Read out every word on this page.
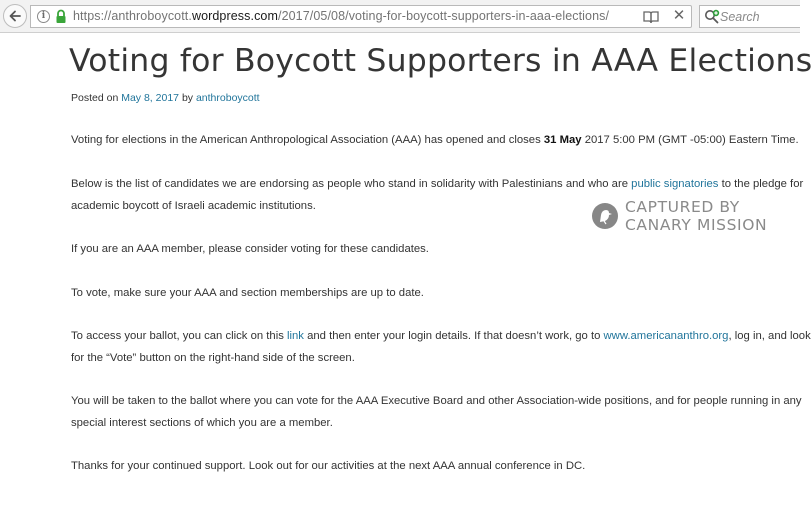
i	https://anthroboycott.wordpress.com/2017/05/08/voting-for-boycott-supporters-in-aaa-elections/	✕
Search
Voting for Boycott Supporters in AAA Elections
Posted on May 8, 2017 by anthroboycott

Voting for elections in the American Anthropological Association (AAA) has opened and closes 31 May 2017 5:00 PM (GMT -05:00) Eastern Time.

Below is the list of candidates we are endorsing as people who stand in solidarity with Palestinians and who are public signatories to the pledge for
academic boycott of Israeli academic institutions.

If you are an AAA member, please consider voting for these candidates.

To vote, make sure your AAA and section memberships are up to date.

To access your ballot, you can click on this link and then enter your login details. If that doesn’t work, go to www.americananthro.org, log in, and look
for the “Vote” button on the right-hand side of the screen.

You will be taken to the ballot where you can vote for the AAA Executive Board and other Association-wide positions, and for people running in any
special interest sections of which you are a member.

Thanks for your continued support. Look out for our activities at the next AAA annual conference in DC.

CAPTURED BY
CANARY MISSION
